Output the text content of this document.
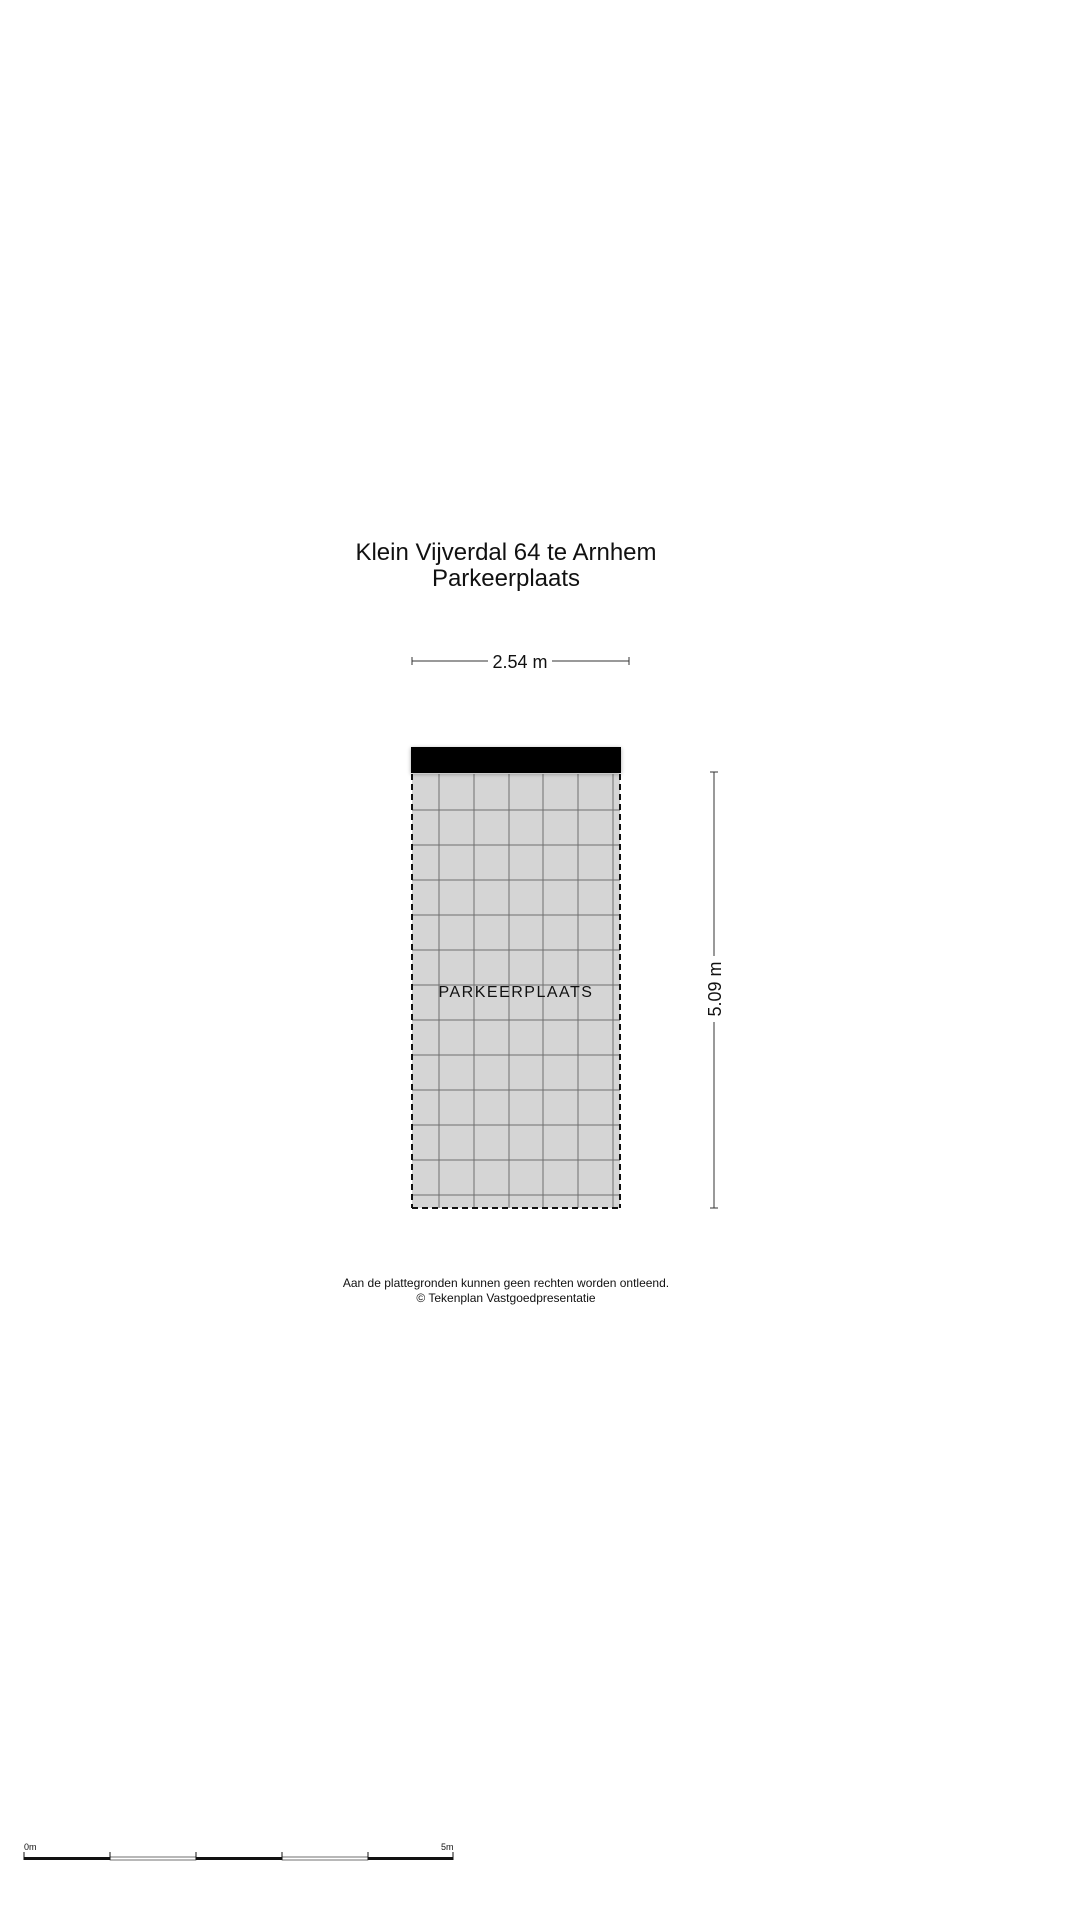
Klein Vijverdal 64 te Arnhem
Parkeerplaats
2.54 m
PARKEERPLAATS	5.09 m
0m	5m
Aan de plattegronden kunnen geen rechten worden ontleend.
© Tekenplan Vastgoedpresentatie
